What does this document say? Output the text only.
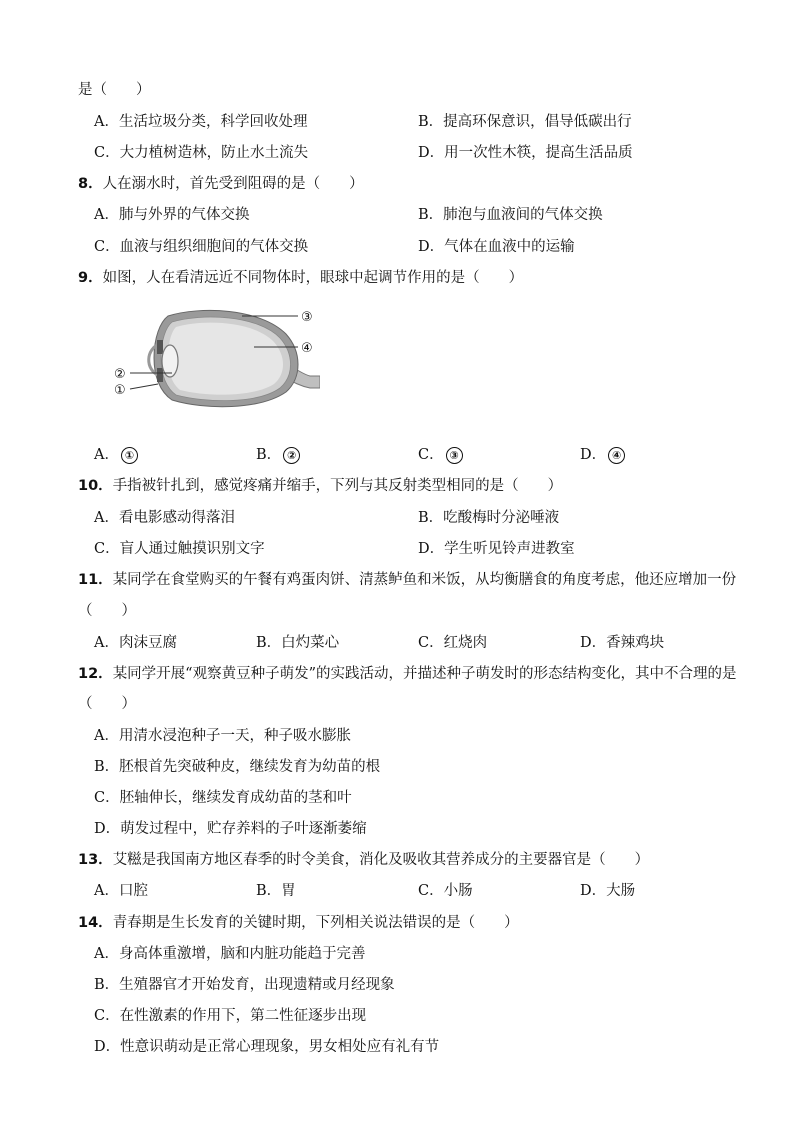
是（　　）
A．生活垃圾分类，科学回收处理	B．提高环保意识，倡导低碳出行
C．大力植树造林，防止水土流失	D．用一次性木筷，提高生活品质
8．人在溺水时，首先受到阻碍的是（　　）
A．肺与外界的气体交换	B．肺泡与血液间的气体交换
C．血液与组织细胞间的气体交换	D．气体在血液中的运输
9．如图，人在看清远近不同物体时，眼球中起调节作用的是（　　）
③
④
②
①
A． ①	B． ②	C． ③	D． ④
10．手指被针扎到，感觉疼痛并缩手，下列与其反射类型相同的是（　　）
A．看电影感动得落泪	B．吃酸梅时分泌唾液
C．盲人通过触摸识别文字	D．学生听见铃声进教室
11．某同学在食堂购买的午餐有鸡蛋肉饼、清蒸鲈鱼和米饭，从均衡膳食的角度考虑，他还应增加一份
（　　）
A．肉沫豆腐	B．白灼菜心	C．红烧肉	D．香辣鸡块
12．某同学开展“观察黄豆种子萌发”的实践活动，并描述种子萌发时的形态结构变化，其中不合理的是
（　　）
A．用清水浸泡种子一天，种子吸水膨胀
B．胚根首先突破种皮，继续发育为幼苗的根
C．胚轴伸长，继续发育成幼苗的茎和叶
D．萌发过程中，贮存养料的子叶逐渐萎缩
13．艾糍是我国南方地区春季的时令美食，消化及吸收其营养成分的主要器官是（　　）
A．口腔	B．胃	C．小肠	D．大肠
14．青春期是生长发育的关键时期，下列相关说法错误的是（　　）
A．身高体重激增，脑和内脏功能趋于完善
B．生殖器官才开始发育，出现遗精或月经现象
C．在性激素的作用下，第二性征逐步出现
D．性意识萌动是正常心理现象，男女相处应有礼有节
